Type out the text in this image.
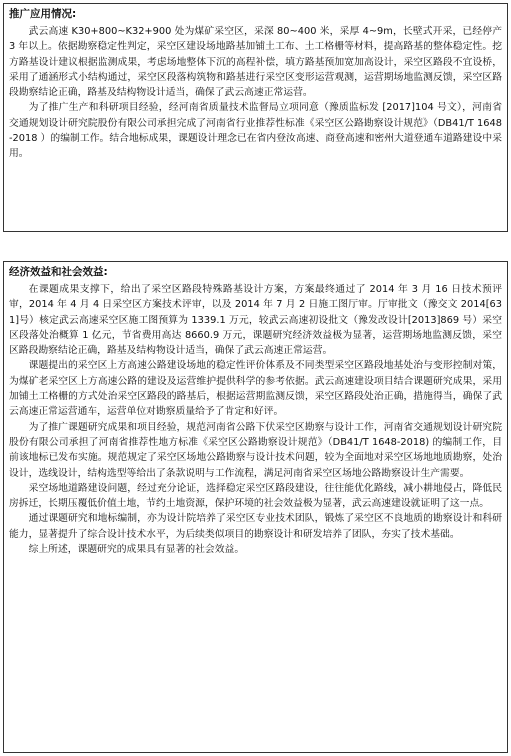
推广应用情况:

武云高速 K30+800~K32+900 处为煤矿采空区，采深 80~400 米，采厚 4~9m，长壁式开采，已经停产 3 年以上。依据勘察稳定性判定，采空区建设场地路基加铺土工布、土工格栅等材料，提高路基的整体稳定性。挖方路基设计建议根据监测成果，考虑场地整体下沉的高程补偿，填方路基预加宽加高设计，采空区路段不宜设桥，采用了通涵形式小结构通过，采空区段落构筑物和路基进行采空区变形运营观测，运营期场地监测反馈，采空区路段勘察结论正确，路基及结构物设计适当，确保了武云高速正常运营。

为了推广生产和科研项目经验，经河南省质量技术监督局立项同意（豫质监标发 [2017]104 号文），河南省交通规划设计研究院股份有限公司承担完成了河南省行业推荐性标准《采空区公路勘察设计规范》（DB41/T 1648-2018 ）的编制工作。结合地标成果，课题设计理念已在省内登汝高速、商登高速和密州大道登通车道路建设中采用。

经济效益和社会效益:

在课题成果支撑下，给出了采空区路段特殊路基设计方案，方案最终通过了 2014 年 3 月 16 日技术预评审，2014 年 4 月 4 日采空区方案技术评审，以及 2014 年 7 月 2 日施工图厅审。厅审批文（豫交文 2014[631]号）核定武云高速采空区施工图预算为 1339.1 万元，较武云高速初设批文（豫发改设计[2013]869 号）采空区段落处治概算 1 亿元，节省费用高达 8660.9 万元，课题研究经济效益极为显著，运营期场地监测反馈，采空区路段勘察结论正确，路基及结构物设计适当，确保了武云高速正常运营。

课题提出的采空区上方高速公路建设场地的稳定性评价体系及不同类型采空区路段地基处治与变形控制对策，为煤矿老采空区上方高速公路的建设及运营维护提供科学的参考依据。武云高速建设项目结合课题研究成果，采用加铺土工格栅的方式处治采空区路段的路基后，根据运营期监测反馈，采空区路段处治正确，措施得当，确保了武云高速正常运营通车，运营单位对勘察质量给予了肯定和好评。

为了推广课题研究成果和项目经验，规范河南省公路下伏采空区勘察与设计工作，河南省交通规划设计研究院股份有限公司承担了河南省推荐性地方标准《采空区公路勘察设计规范》（DB41/T 1648-2018) 的编制工作，目前该地标已发布实施。规范规定了采空区场地公路勘察与设计技术问题，较为全面地对采空区场地地质勘察，处治设计，选线设计，结构选型等给出了条款说明与工作流程，满足河南省采空区场地公路勘察设计生产需要。

采空场地道路建设问题，经过充分论证，选择稳定采空区路段建设，往往能优化路线，减小耕地侵占，降低民房拆迁，长期压覆低价值土地，节约土地资源，保护环境的社会效益极为显著，武云高速建设就证明了这一点。

通过课题研究和地标编制，亦为设计院培养了采空区专业技术团队，锻炼了采空区不良地质的勘察设计和科研能力，显著提升了综合设计技术水平，为后续类似项目的勘察设计和研发培养了团队，夯实了技术基础。

综上所述，课题研究的成果具有显著的社会效益。
